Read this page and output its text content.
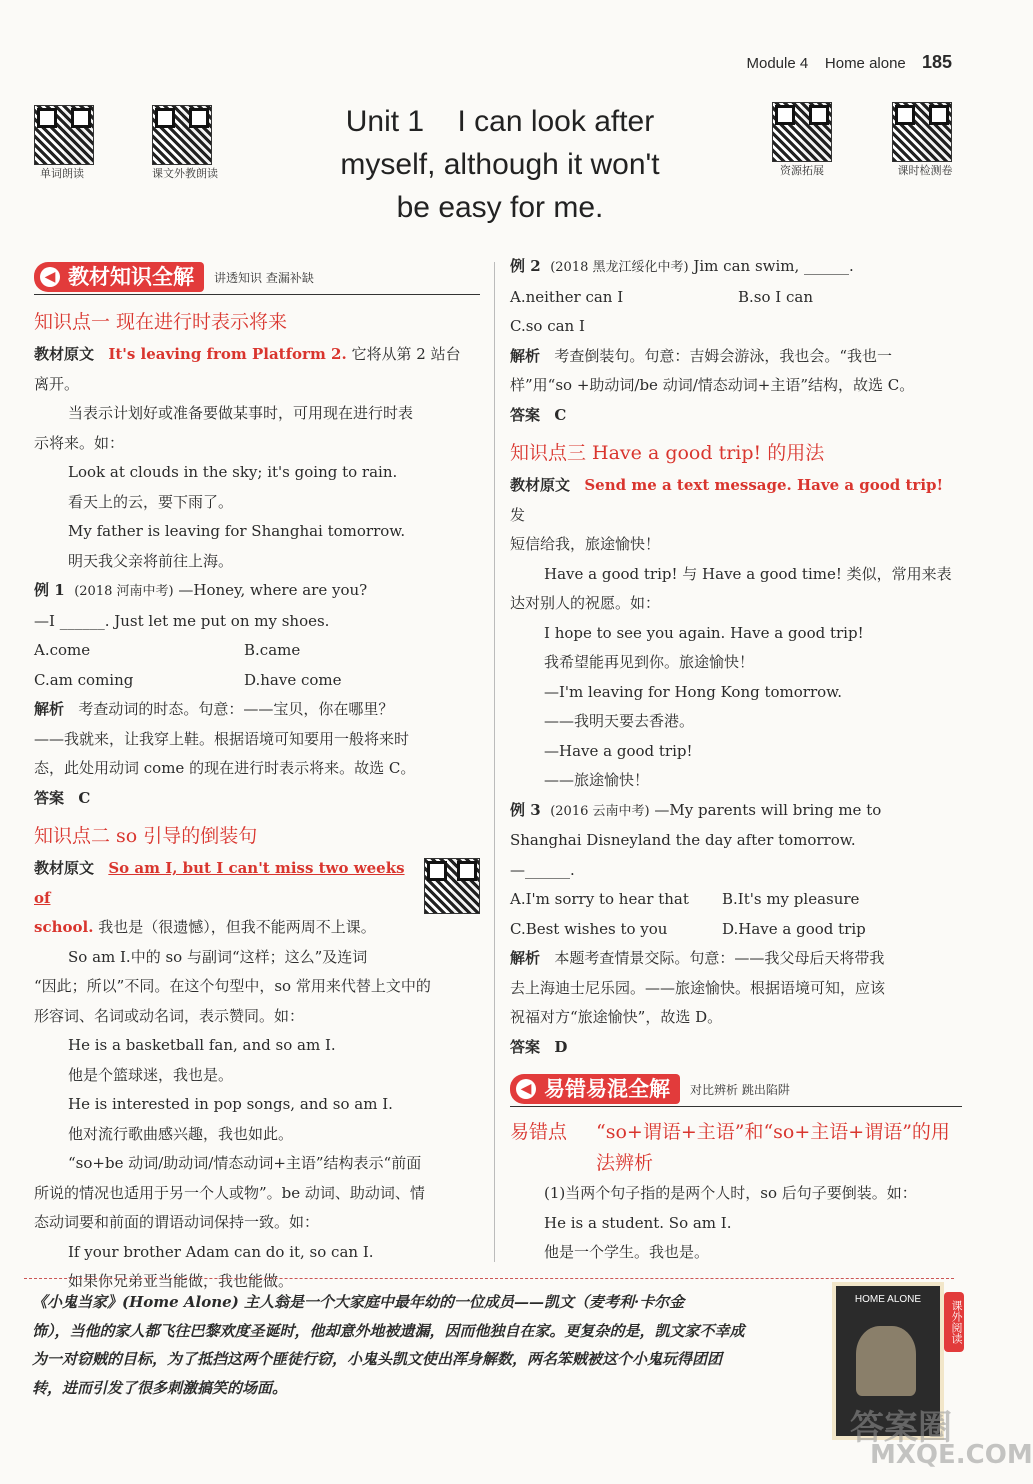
Module 4 Home alone 185
单词朗读	课文外教朗读	资源拓展	课时检测卷
Unit 1    I can look after
myself, although it won't
be easy for me.
◀ 教材知识全解	讲透知识 查漏补缺
知识点一 现在进行时表示将来
教材原文 It's leaving from Platform 2. 它将从第 2 站台
离开。
当表示计划好或准备要做某事时，可用现在进行时表
示将来。如：
Look at clouds in the sky; it's going to rain.
看天上的云，要下雨了。
My father is leaving for Shanghai tomorrow.
明天我父亲将前往上海。
例 1 (2018 河南中考) —Honey, where are you?
—I ______. Just let me put on my shoes.
A.come	B.came
C.am coming	D.have come
解析 考查动词的时态。句意：——宝贝，你在哪里？
——我就来，让我穿上鞋。根据语境可知要用一般将来时
态，此处用动词 come 的现在进行时表示将来。故选 C。
答案 C
知识点二 so 引导的倒装句
教材原文 So am I, but I can't miss two weeks of
school. 我也是（很遗憾），但我不能两周不上课。
So am I.中的 so 与副词“这样；这么”及连词
“因此；所以”不同。在这个句型中，so 常用来代替上文中的
形容词、名词或动名词，表示赞同。如：
He is a basketball fan, and so am I.
他是个篮球迷，我也是。
He is interested in pop songs, and so am I.
他对流行歌曲感兴趣，我也如此。
“so+be 动词/助动词/情态动词+主语”结构表示“前面
所说的情况也适用于另一个人或物”。be 动词、助动词、情
态动词要和前面的谓语动词保持一致。如：
If your brother Adam can do it, so can I.
如果你兄弟亚当能做，我也能做。
例 2 (2018 黑龙江绥化中考) Jim can swim, ______.
A.neither can I	B.so I can
C.so can I
解析 考查倒装句。句意：吉姆会游泳，我也会。“我也一
样”用“so +助动词/be 动词/情态动词+主语”结构，故选 C。
答案 C
知识点三 Have a good trip! 的用法
教材原文 Send me a text message. Have a good trip! 发
短信给我，旅途愉快！
Have a good trip! 与 Have a good time! 类似，常用来表
达对别人的祝愿。如：
I hope to see you again. Have a good trip!
我希望能再见到你。旅途愉快！
—I'm leaving for Hong Kong tomorrow.
——我明天要去香港。
—Have a good trip!
——旅途愉快！
例 3 (2016 云南中考) —My parents will bring me to
Shanghai Disneyland the day after tomorrow.
—______.
A.I'm sorry to hear that	B.It's my pleasure
C.Best wishes to you	D.Have a good trip
解析 本题考查情景交际。句意：——我父母后天将带我
去上海迪士尼乐园。——旅途愉快。根据语境可知，应该
祝福对方“旅途愉快”，故选 D。
答案 D
◀ 易错易混全解	对比辨析 跳出陷阱
易错点	“so+谓语+主语”和“so+主语+谓语”的用
法辨析
(1)当两个句子指的是两个人时，so 后句子要倒装。如：
He is a student. So am I.
他是一个学生。我也是。
《小鬼当家》(Home Alone) 主人翁是一个大家庭中最年幼的一位成员——凯文（麦考利·卡尔金
饰），当他的家人都飞往巴黎欢度圣诞时，他却意外地被遗漏，因而他独自在家。更复杂的是，凯文家不幸成
为一对窃贼的目标，为了抵挡这两个匪徒行窃，小鬼头凯文使出浑身解数，两名笨贼被这个小鬼玩得团团
转，进而引发了很多刺激搞笑的场面。
HOME ALONE
课外阅读
答案圈
MXQE.COM
